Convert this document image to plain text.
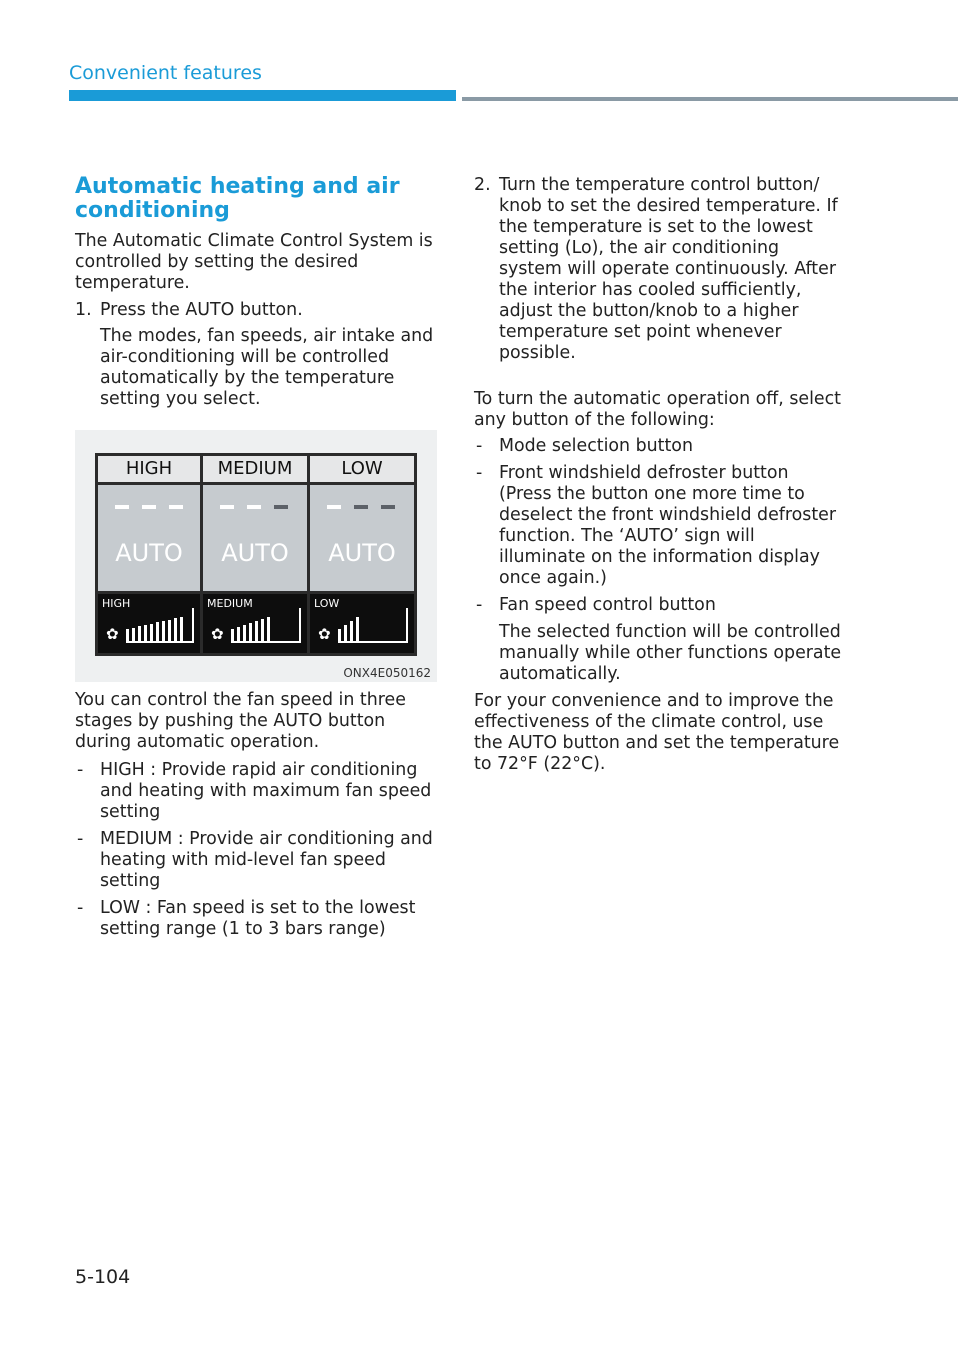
Convenient features
Automatic heating and air conditioning
The Automatic Climate Control System is controlled by setting the desired temperature.
1. Press the AUTO button.
The modes, fan speeds, air intake and air-conditioning will be controlled automatically by the temperature setting you select.
HIGH	MEDIUM	LOW
AUTO	AUTO	AUTO
HIGH
✿
MEDIUM
✿
LOW
✿
ONX4E050162
You can control the fan speed in three stages by pushing the AUTO button during automatic operation.
- HIGH : Provide rapid air conditioning and heating with maximum fan speed setting
- MEDIUM : Provide air conditioning and heating with mid-level fan speed setting
- LOW : Fan speed is set to the lowest setting range (1 to 3 bars range)
2. Turn the temperature control button/ knob to set the desired temperature. If the temperature is set to the lowest setting (Lo), the air conditioning system will operate continuously. After the interior has cooled sufficiently, adjust the button/knob to a higher temperature set point whenever possible.
To turn the automatic operation off, select any button of the following:
- Mode selection button
- Front windshield defroster button (Press the button one more time to deselect the front windshield defroster function. The ‘AUTO’ sign will illuminate on the information display once again.)
- Fan speed control button
The selected function will be controlled manually while other functions operate automatically.
For your convenience and to improve the effectiveness of the climate control, use the AUTO button and set the temperature to 72°F (22°C).
5-104
